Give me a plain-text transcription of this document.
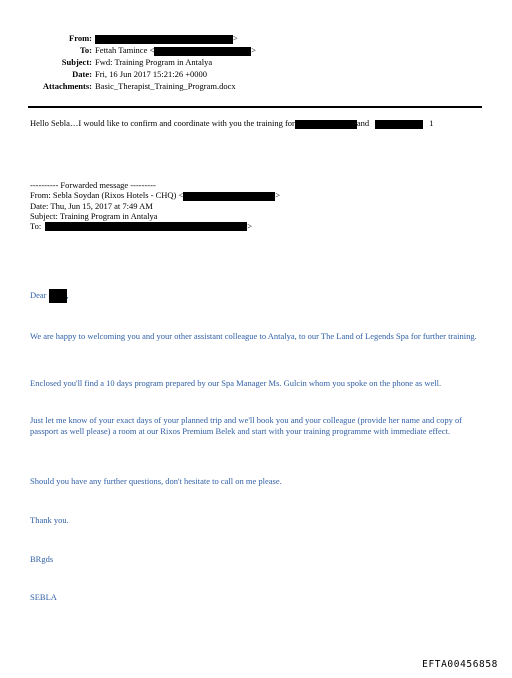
From:	>
To: Fettah Tamince <	>
Subject: Fwd: Training Program in Antalya
Date: Fri, 16 Jun 2017 15:21:26 +0000
Attachments: Basic_Therapist_Training_Program.docx
Hello Sebla…I would like to confirm and coordinate with you the training for	and	1
---------- Forwarded message ---------
From: Sebla Soydan (Rixos Hotels - CHQ) <	>
Date: Thu, Jun 15, 2017 at 7:49 AM
Subject: Training Program in Antalya
To:	>
Dear ,
We are happy to welcoming you and your other assistant colleague to Antalya, to our The Land of Legends Spa for further training.
Enclosed you'll find a 10 days program prepared by our Spa Manager Ms. Gulcin whom you spoke on the phone as well.
Just let me know of your exact days of your planned trip and we'll book you and your colleague (provide her name and copy of passport as well please) a room at our Rixos Premium Belek and start with your training programme with immediate effect.
Should you have any further questions, don't hesitate to call on me please.
Thank you.
BRgds
SEBLA
EFTA00456858
